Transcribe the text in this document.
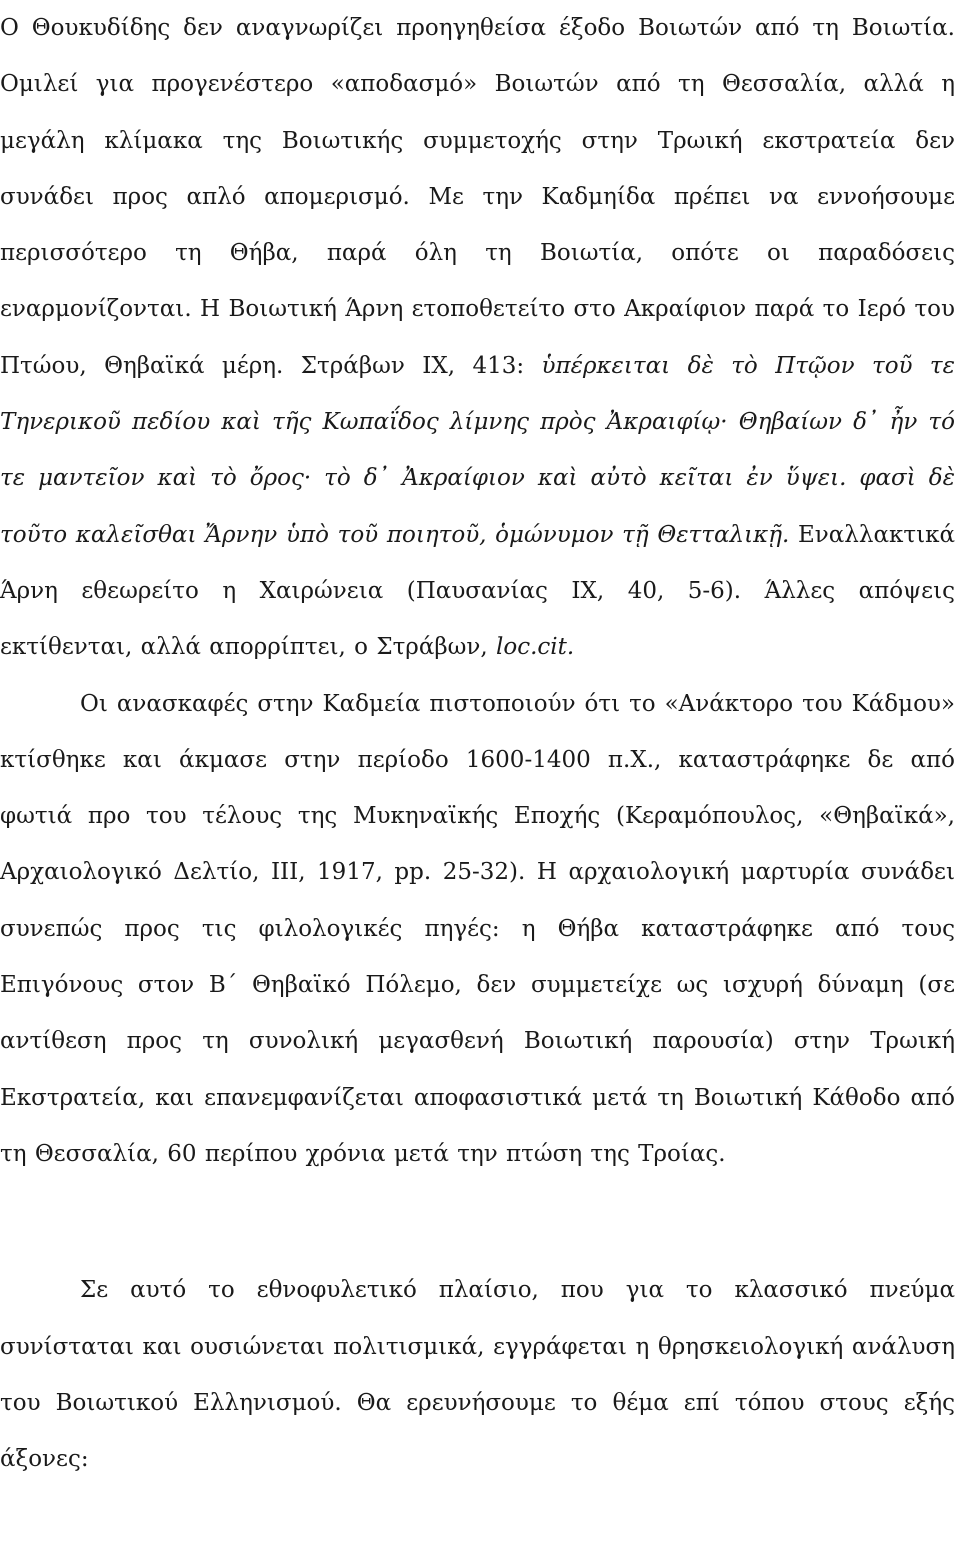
Ο Θουκυδίδης δεν αναγνωρίζει προηγηθείσα έξοδο Βοιωτών από τη Βοιωτία. Ομιλεί για προγενέστερο «αποδασμό» Βοιωτών από τη Θεσσαλία, αλλά η μεγάλη κλίμακα της Βοιωτικής συμμετοχής στην Τρωική εκστρατεία δεν συνάδει προς απλό απομερισμό. Με την Καδμηίδα πρέπει να εννοήσουμε περισσότερο τη Θήβα, παρά όλη τη Βοιωτία, οπότε οι παραδόσεις εναρμονίζονται. Η Βοιωτική Άρνη ετοποθετείτο στο Ακραίφιον παρά το Ιερό του Πτώου, Θηβαϊκά μέρη. Στράβων IX, 413: ὑπέρκειται δὲ τὸ Πτῷον τοῦ τε Τηνερικοῦ πεδίου καὶ τῆς Κωπαΐδος λίμνης πρὸς Ἀκραιφίῳ· Θηβαίων δ᾿ ἦν τό τε μαντεῖον καὶ τὸ ὄρος· τὸ δ᾿ Ἀκραίφιον καὶ αὐτὸ κεῖται ἐν ὕψει. φασὶ δὲ τοῦτο καλεῖσθαι Ἄρνην ὑπὸ τοῦ ποιητοῦ, ὁμώνυμον τῇ Θετταλικῇ. Εναλλακτικά Άρνη εθεωρείτο η Χαιρώνεια (Παυσανίας IX, 40, 5-6). Άλλες απόψεις εκτίθενται, αλλά απορρίπτει, ο Στράβων, loc.cit.

Οι ανασκαφές στην Καδμεία πιστοποιούν ότι το «Ανάκτορο του Κάδμου» κτίσθηκε και άκμασε στην περίοδο 1600-1400 π.Χ., καταστράφηκε δε από φωτιά προ του τέλους της Μυκηναϊκής Εποχής (Κεραμόπουλος, «Θηβαϊκά», Αρχαιολογικό Δελτίο, ΙΙΙ, 1917, pp. 25-32). Η αρχαιολογική μαρτυρία συνάδει συνεπώς προς τις φιλολογικές πηγές: η Θήβα καταστράφηκε από τους Επιγόνους στον Β΄ Θηβαϊκό Πόλεμο, δεν συμμετείχε ως ισχυρή δύναμη (σε αντίθεση προς τη συνολική μεγασθενή Βοιωτική παρουσία) στην Τρωική Εκστρατεία, και επανεμφανίζεται αποφασιστικά μετά τη Βοιωτική Κάθοδο από τη Θεσσαλία, 60 περίπου χρόνια μετά την πτώση της Τροίας.

Σε αυτό το εθνοφυλετικό πλαίσιο, που για το κλασσικό πνεύμα συνίσταται και ουσιώνεται πολιτισμικά, εγγράφεται η θρησκειολογική ανάλυση του Βοιωτικού Ελληνισμού. Θα ερευνήσουμε το θέμα επί τόπου στους εξής άξονες:
